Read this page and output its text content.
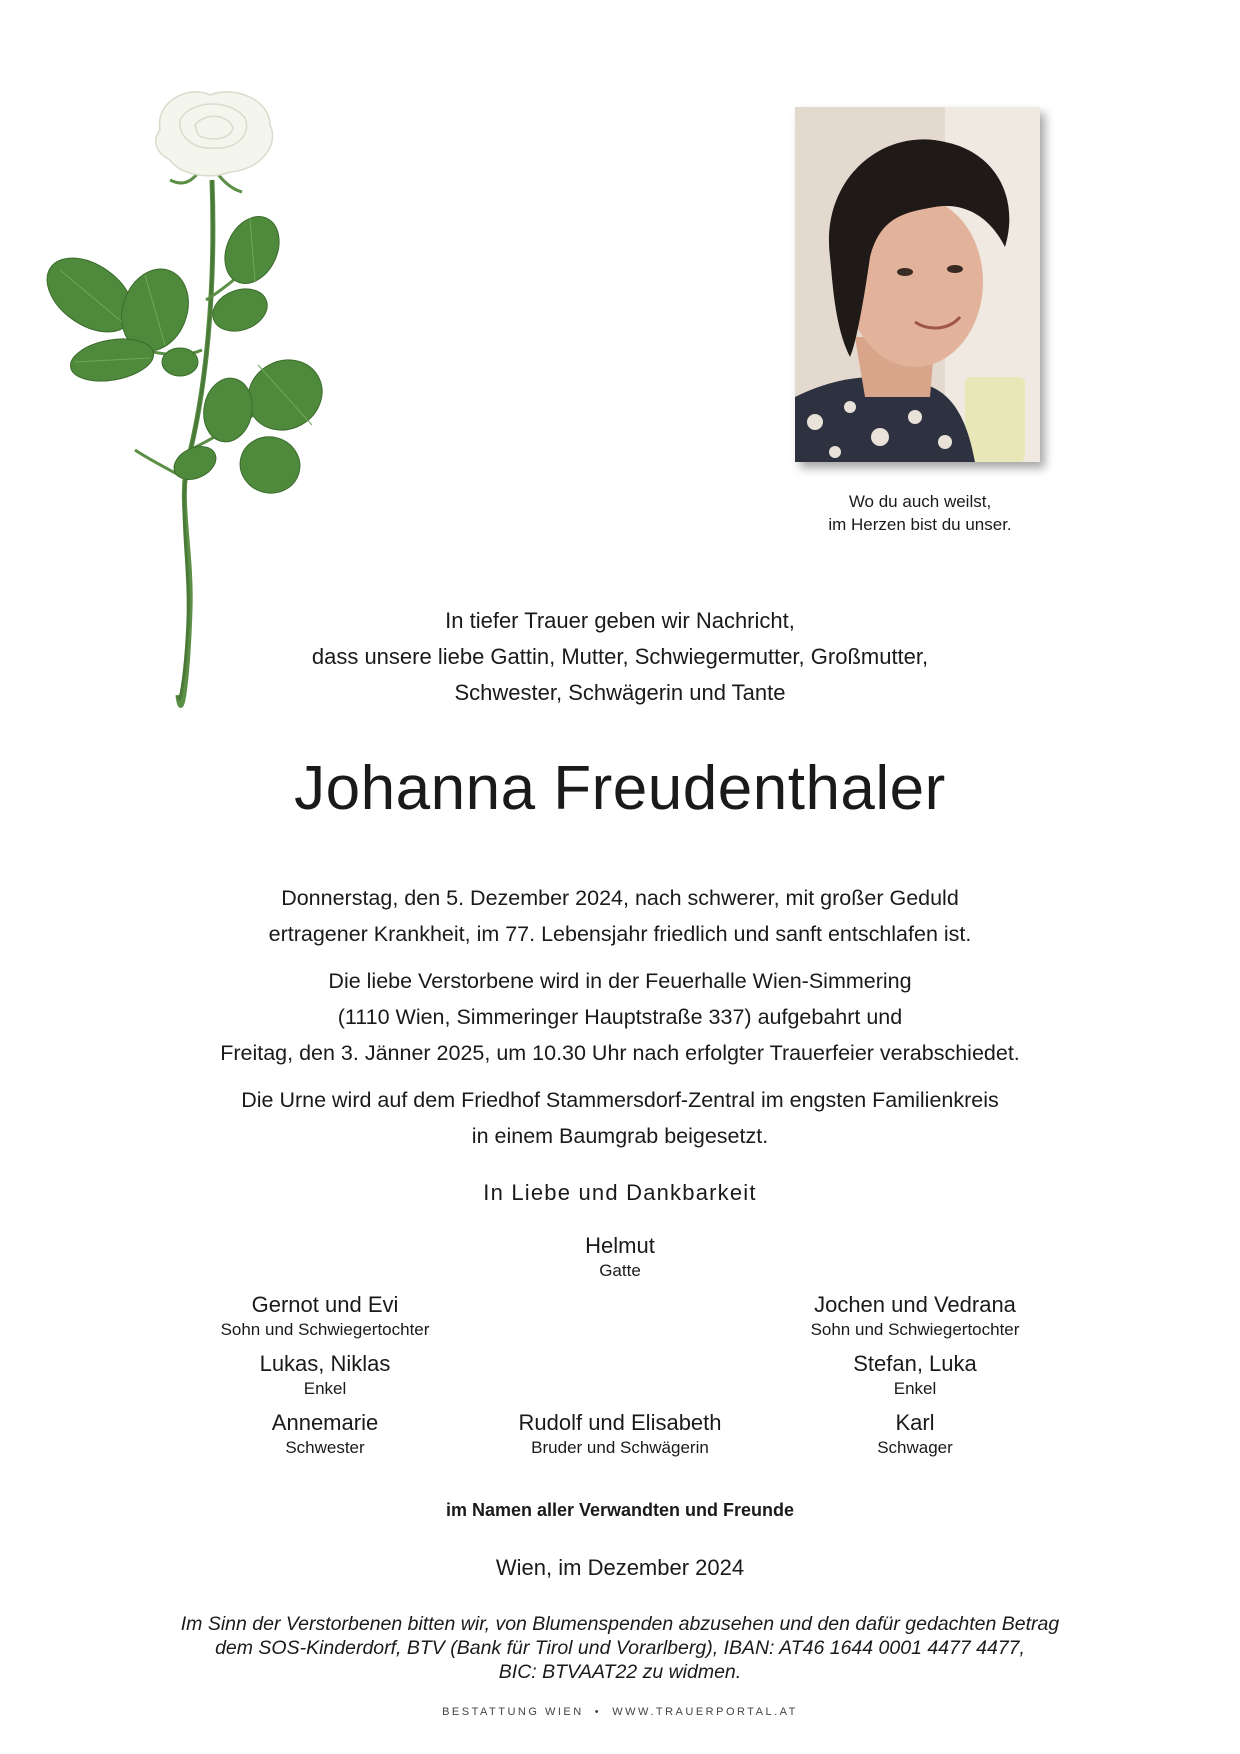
Wo du auch weilst,
im Herzen bist du unser.
In tiefer Trauer geben wir Nachricht,
dass unsere liebe Gattin, Mutter, Schwiegermutter, Großmutter,
Schwester, Schwägerin und Tante
Johanna Freudenthaler

Donnerstag, den 5. Dezember 2024, nach schwerer, mit großer Geduld
ertragener Krankheit, im 77. Lebensjahr friedlich und sanft entschlafen ist.

Die liebe Verstorbene wird in der Feuerhalle Wien-Simmering
(1110 Wien, Simmeringer Hauptstraße 337) aufgebahrt und
Freitag, den 3. Jänner 2025, um 10.30 Uhr nach erfolgter Trauerfeier verabschiedet.

Die Urne wird auf dem Friedhof Stammersdorf-Zentral im engsten Familienkreis
in einem Baumgrab beigesetzt.

In Liebe und Dankbarkeit
Helmut
Gatte
Gernot und Evi
Sohn und Schwiegertochter
Jochen und Vedrana
Sohn und Schwiegertochter
Lukas, Niklas
Enkel
Stefan, Luka
Enkel
Annemarie
Schwester
Rudolf und Elisabeth
Bruder und Schwägerin
Karl
Schwager
im Namen aller Verwandten und Freunde
Wien, im Dezember 2024
Im Sinn der Verstorbenen bitten wir, von Blumenspenden abzusehen und den dafür gedachten Betrag
dem SOS-Kinderdorf, BTV (Bank für Tirol und Vorarlberg), IBAN: AT46 1644 0001 4477 4477,
BIC: BTVAAT22 zu widmen.
BESTATTUNG WIEN • WWW.TRAUERPORTAL.AT
